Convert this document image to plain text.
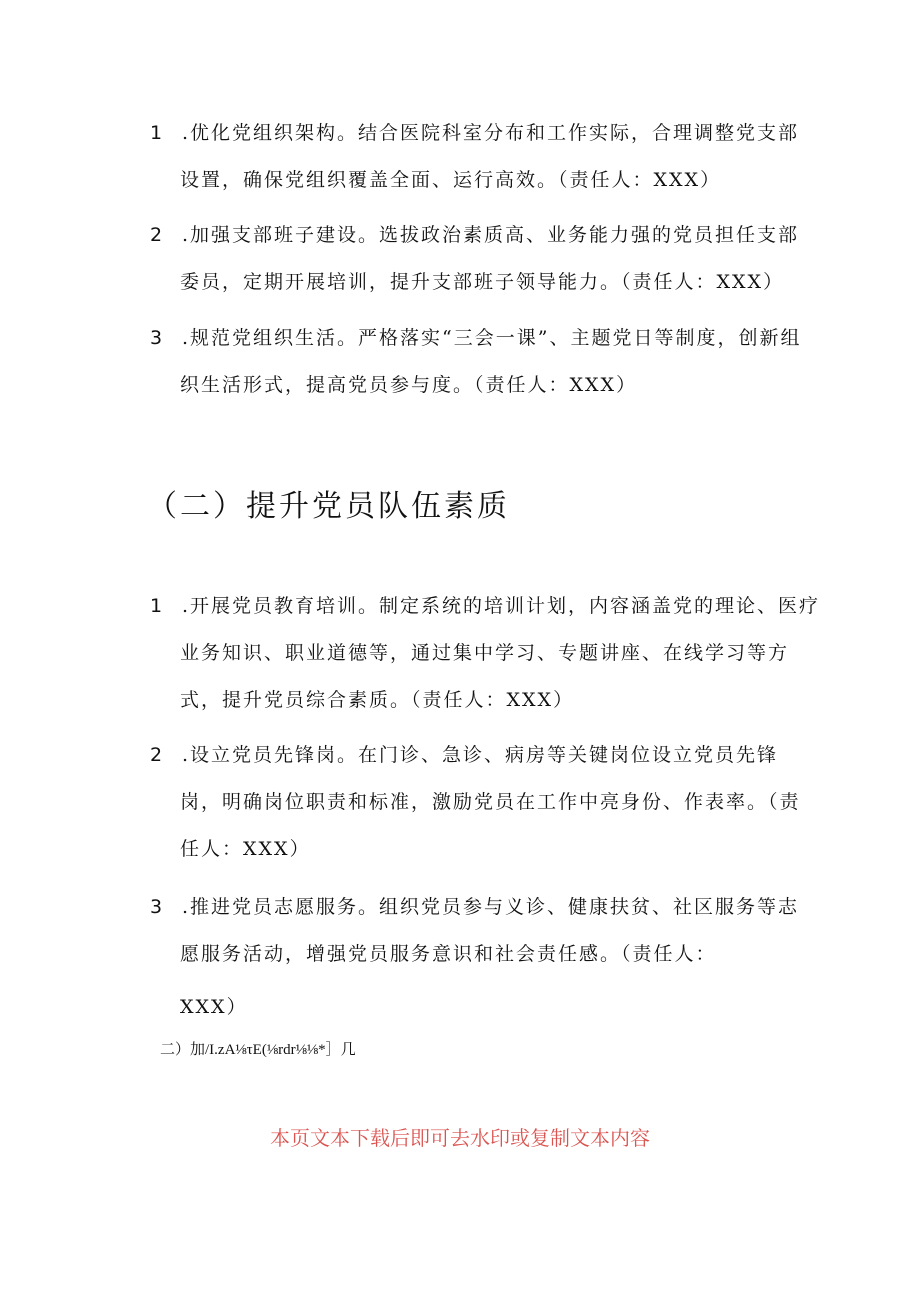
1 .优化党组织架构。结合医院科室分布和工作实际，合理调整党支部
设置，确保党组织覆盖全面、运行高效。（责任人：XXX）
2 .加强支部班子建设。选拔政治素质高、业务能力强的党员担任支部
委员，定期开展培训，提升支部班子领导能力。（责任人：XXX）
3 .规范党组织生活。严格落实“三会一课”、主题党日等制度，创新组
织生活形式，提高党员参与度。（责任人：XXX）
（二）提升党员队伍素质
1 .开展党员教育培训。制定系统的培训计划，内容涵盖党的理论、医疗
业务知识、职业道德等，通过集中学习、专题讲座、在线学习等方
式，提升党员综合素质。（责任人：XXX）
2 .设立党员先锋岗。在门诊、急诊、病房等关键岗位设立党员先锋
岗，明确岗位职责和标准，激励党员在工作中亮身份、作表率。（责
任人：XXX）
3 .推进党员志愿服务。组织党员参与义诊、健康扶贫、社区服务等志
愿服务活动，增强党员服务意识和社会责任感。（责任人：
XXX）
二）加/I.zA⅛τE(⅛rdr⅛⅛*］几
本页文本下载后即可去水印或复制文本内容
